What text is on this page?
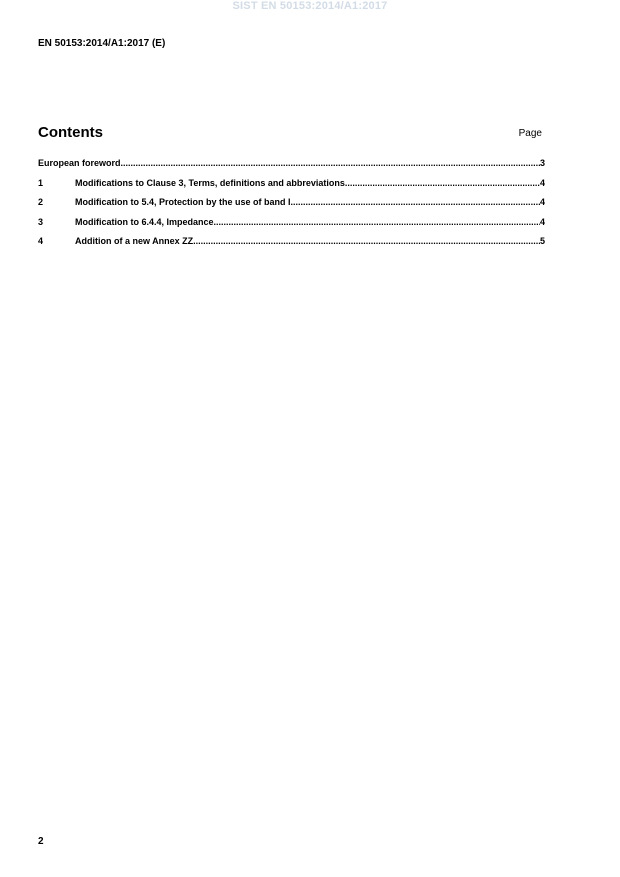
SIST EN 50153:2014/A1:2017
EN 50153:2014/A1:2017 (E)
Contents	Page
European foreword .....	3
1	Modifications to Clause 3, Terms, definitions and abbreviations .....	4
2	Modification to 5.4, Protection by the use of band I .....	4
3	Modification to 6.4.4, Impedance .....	4
4	Addition of a new Annex ZZ .....	5
2
